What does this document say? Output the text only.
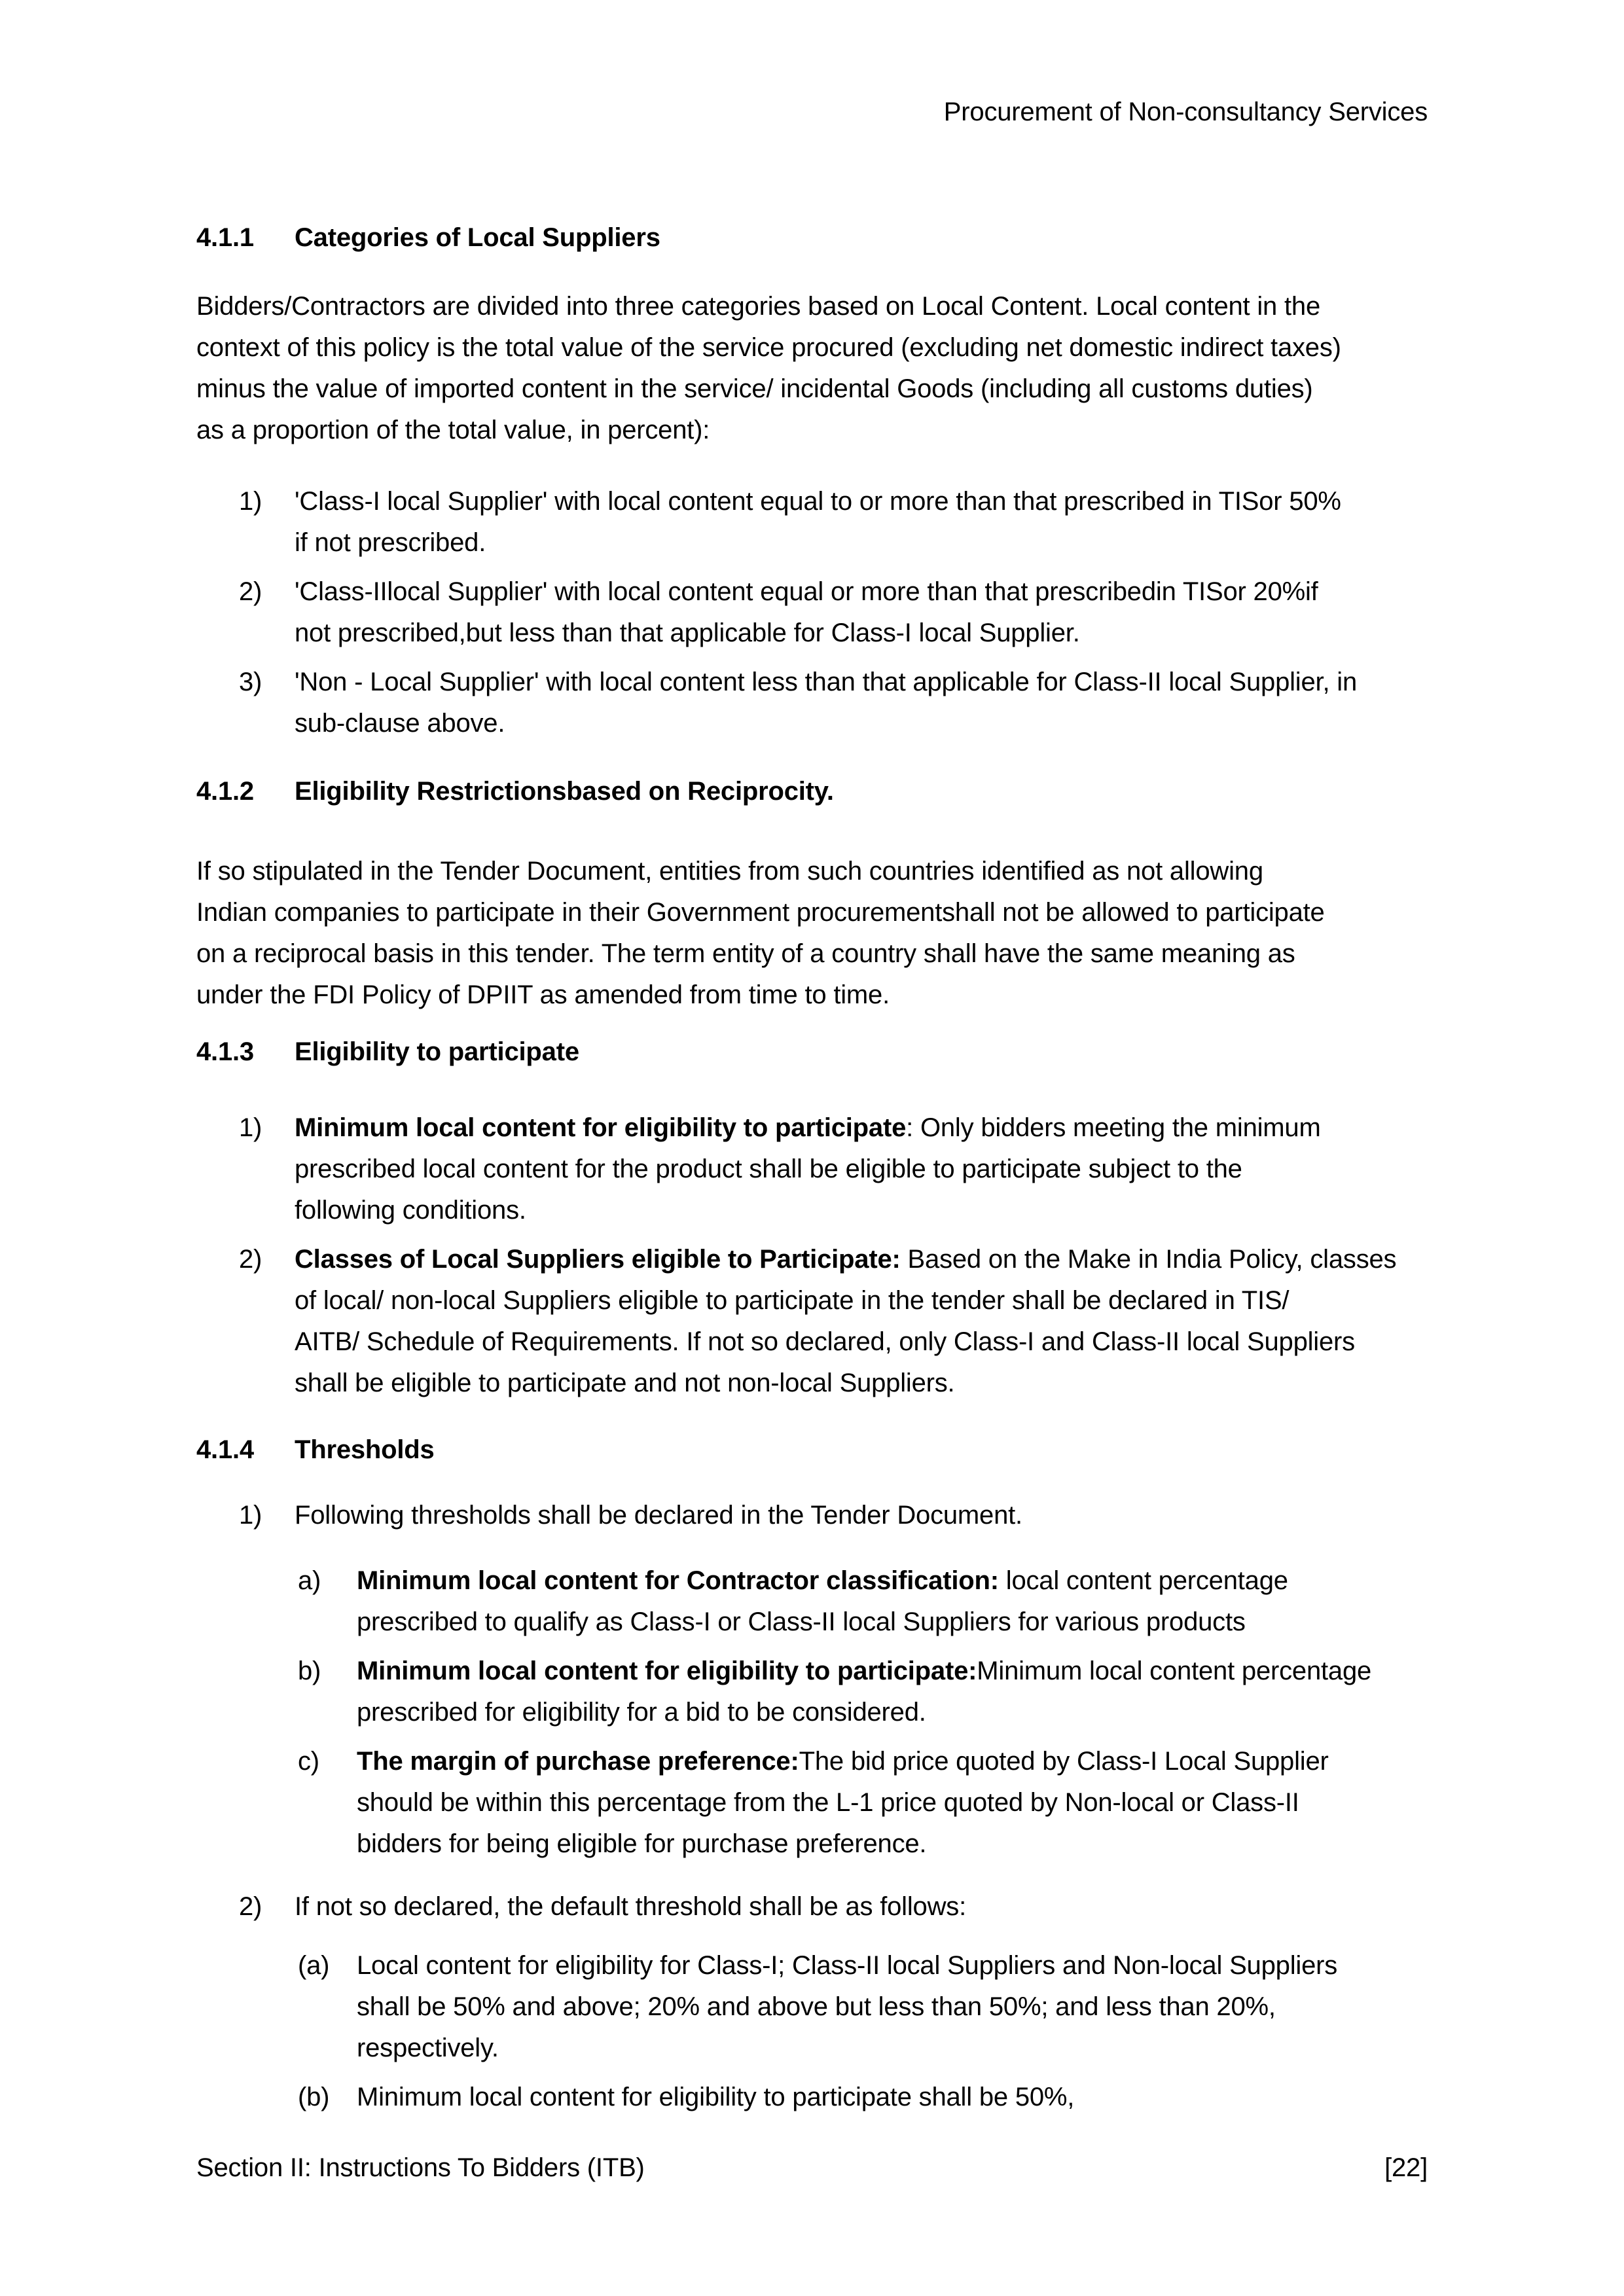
Procurement of Non-consultancy Services
4.1.1	Categories of Local Suppliers
Bidders/Contractors are divided into three categories based on Local Content. Local content in the
context of this policy is the total value of the service procured (excluding net domestic indirect taxes)
minus the value of imported content in the service/ incidental Goods (including all customs duties)
as a proportion of the total value, in percent):
1) 'Class-I local Supplier' with local content equal to or more than that prescribed in TISor 50%
if not prescribed.
2) 'Class-IIlocal Supplier' with local content equal or more than that prescribedin TISor 20%if
not prescribed,but less than that applicable for Class-I local Supplier.
3) 'Non - Local Supplier' with local content less than that applicable for Class-II local Supplier, in
sub-clause above.
4.1.2	Eligibility Restrictionsbased on Reciprocity.
If so stipulated in the Tender Document, entities from such countries identified as not allowing
Indian companies to participate in their Government procurementshall not be allowed to participate
on a reciprocal basis in this tender. The term entity of a country shall have the same meaning as
under the FDI Policy of DPIIT as amended from time to time.
4.1.3	Eligibility to participate
1) Minimum local content for eligibility to participate: Only bidders meeting the minimum
prescribed local content for the product shall be eligible to participate subject to the
following conditions.
2) Classes of Local Suppliers eligible to Participate: Based on the Make in India Policy, classes
of local/ non-local Suppliers eligible to participate in the tender shall be declared in TIS/
AITB/ Schedule of Requirements. If not so declared, only Class-I and Class-II local Suppliers
shall be eligible to participate and not non-local Suppliers.
4.1.4	Thresholds
1) Following thresholds shall be declared in the Tender Document.
a) Minimum local content for Contractor classification: local content percentage
prescribed to qualify as Class-I or Class-II local Suppliers for various products
b) Minimum local content for eligibility to participate:Minimum local content percentage
prescribed for eligibility for a bid to be considered.
c) The margin of purchase preference:The bid price quoted by Class-I Local Supplier
should be within this percentage from the L-1 price quoted by Non-local or Class-II
bidders for being eligible for purchase preference.
2) If not so declared, the default threshold shall be as follows:
(a) Local content for eligibility for Class-I; Class-II local Suppliers and Non-local Suppliers
shall be 50% and above; 20% and above but less than 50%; and less than 20%,
respectively.
(b) Minimum local content for eligibility to participate shall be 50%,
Section II: Instructions To Bidders (ITB)	[22]
